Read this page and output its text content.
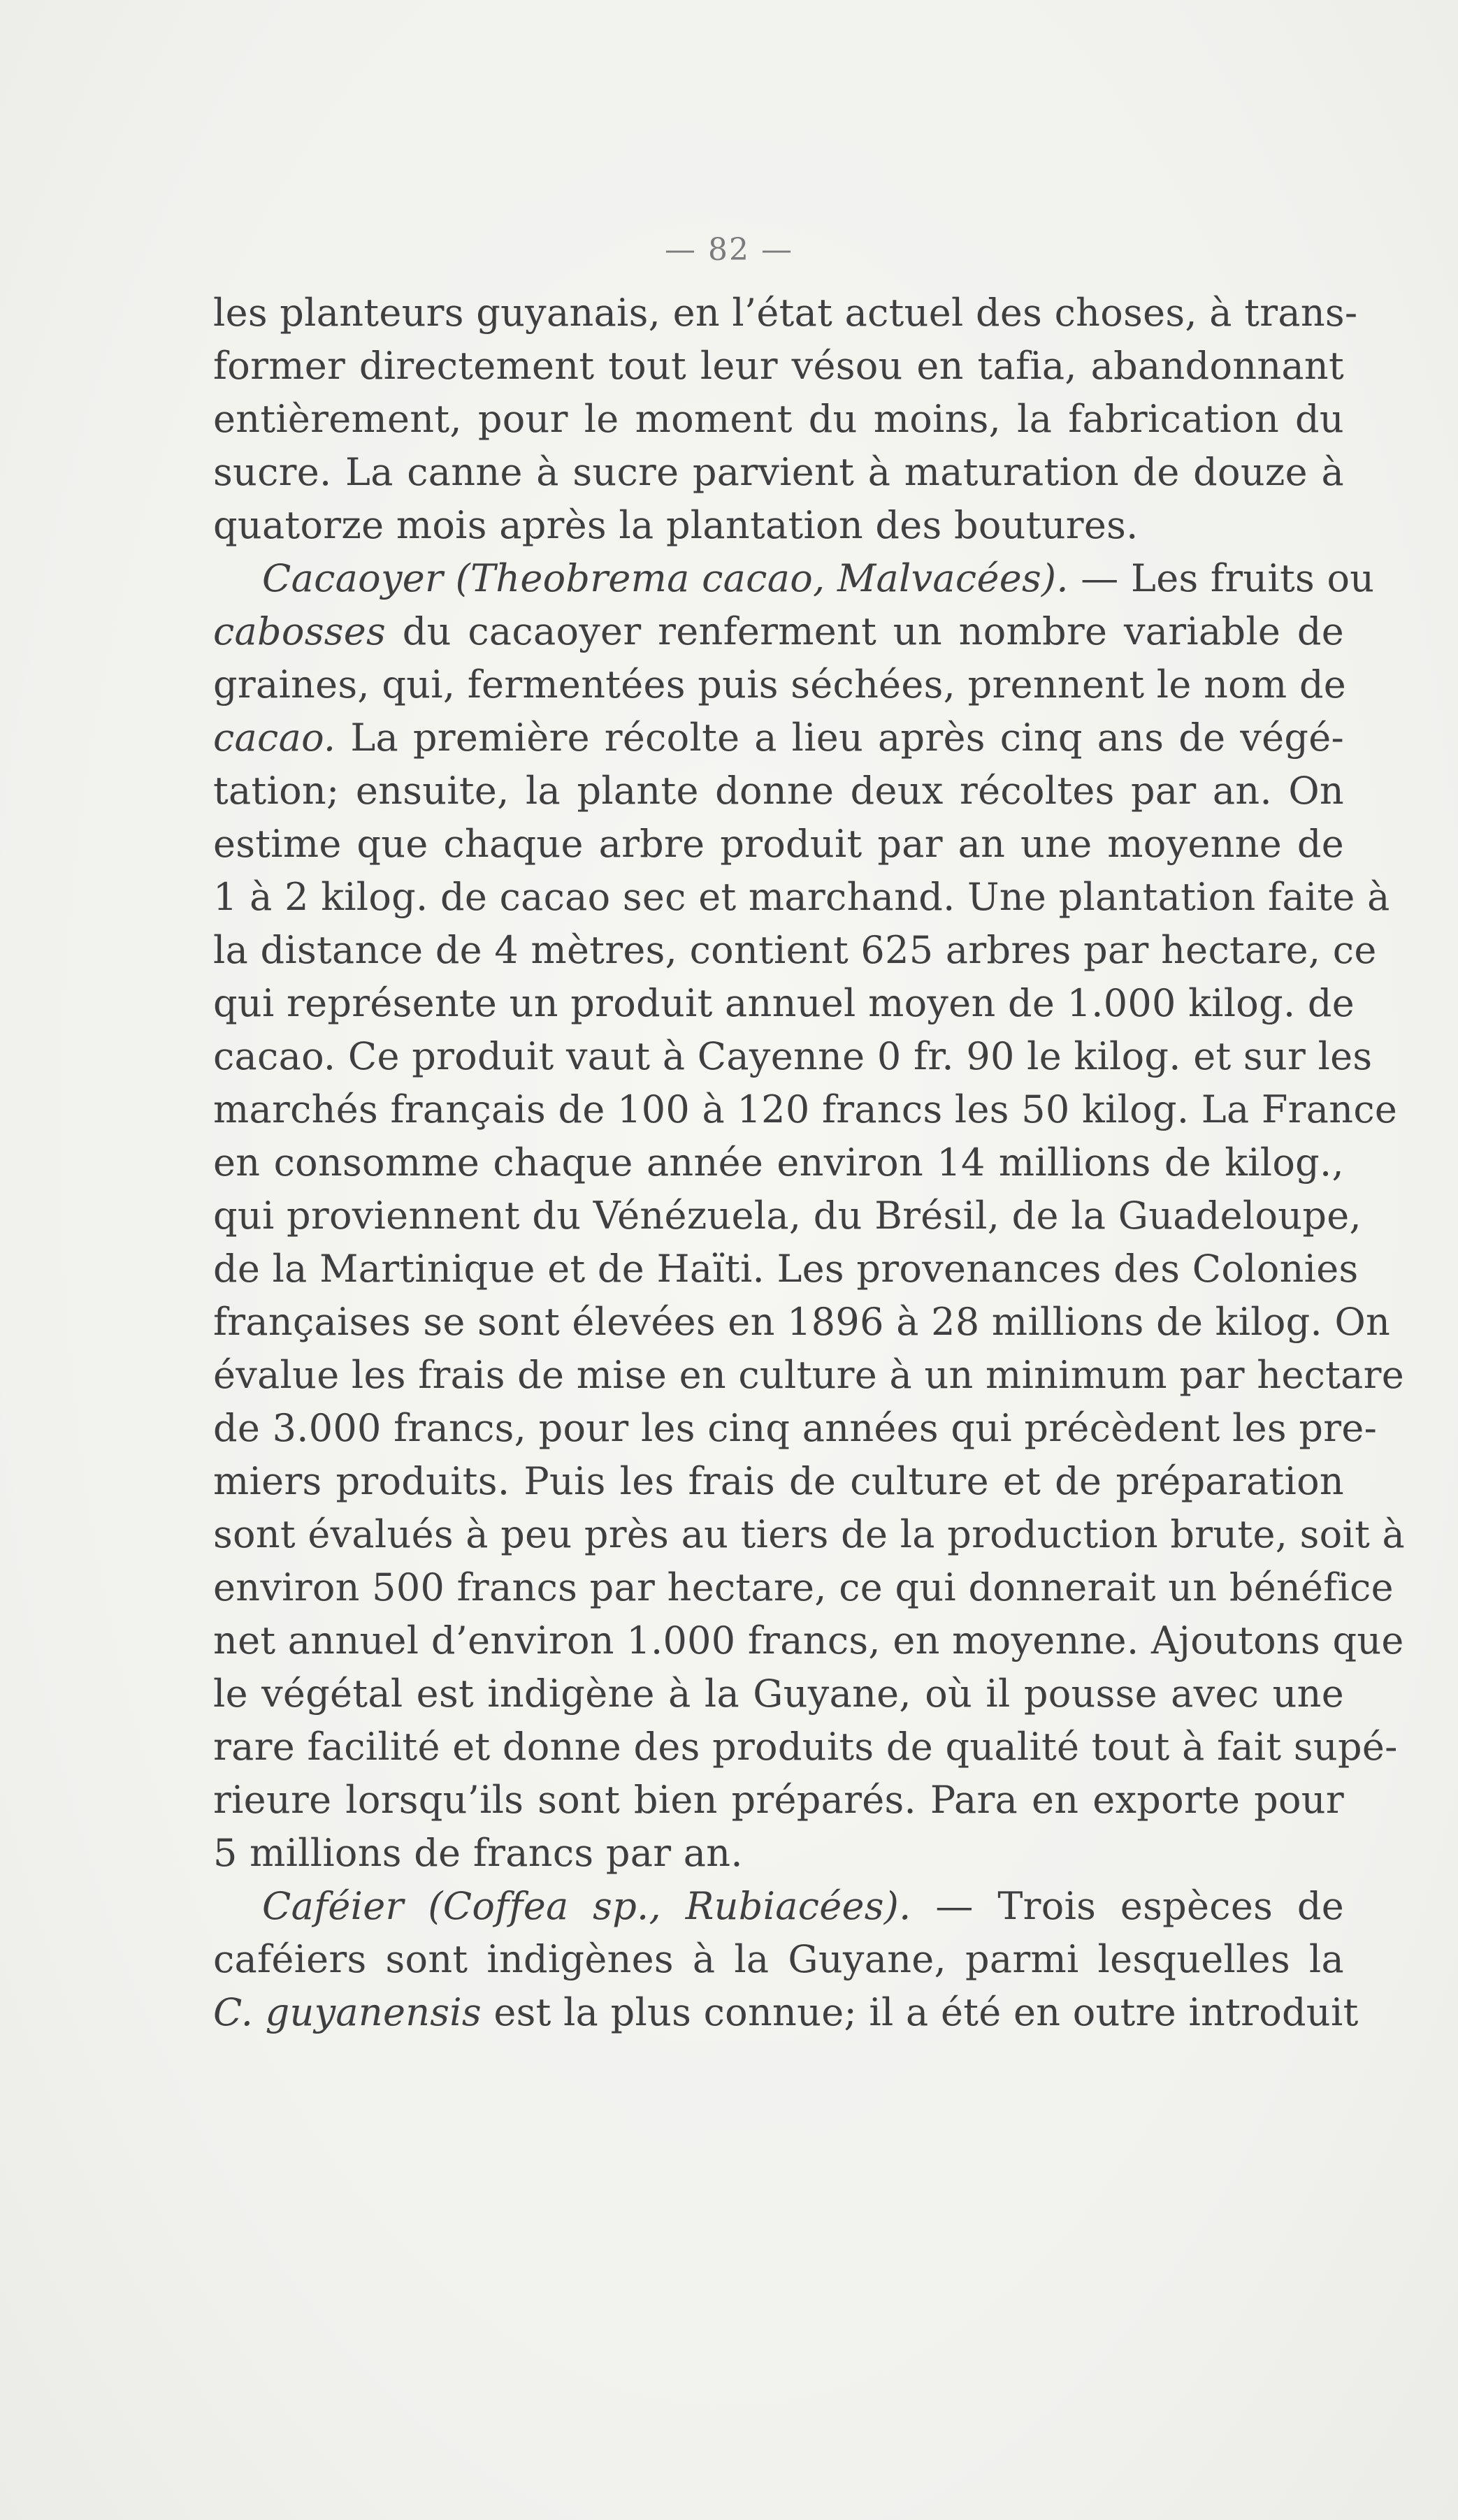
— 82 —
les planteurs guyanais, en l’état actuel des choses, à trans-
former directement tout leur vésou en tafia, abandonnant
entièrement, pour le moment du moins, la fabrication du
sucre. La canne à sucre parvient à maturation de douze à
quatorze mois après la plantation des boutures.
Cacaoyer (Theobrema cacao, Malvacées). — Les fruits ou
cabosses du cacaoyer renferment un nombre variable de
graines, qui, fermentées puis séchées, prennent le nom de
cacao. La première récolte a lieu après cinq ans de végé-
tation; ensuite, la plante donne deux récoltes par an. On
estime que chaque arbre produit par an une moyenne de
1 à 2 kilog. de cacao sec et marchand. Une plantation faite à
la distance de 4 mètres, contient 625 arbres par hectare, ce
qui représente un produit annuel moyen de 1.000 kilog. de
cacao. Ce produit vaut à Cayenne 0 fr. 90 le kilog. et sur les
marchés français de 100 à 120 francs les 50 kilog. La France
en consomme chaque année environ 14 millions de kilog.,
qui proviennent du Vénézuela, du Brésil, de la Guadeloupe,
de la Martinique et de Haïti. Les provenances des Colonies
françaises se sont élevées en 1896 à 28 millions de kilog. On
évalue les frais de mise en culture à un minimum par hectare
de 3.000 francs, pour les cinq années qui précèdent les pre-
miers produits. Puis les frais de culture et de préparation
sont évalués à peu près au tiers de la production brute, soit à
environ 500 francs par hectare, ce qui donnerait un bénéfice
net annuel d’environ 1.000 francs, en moyenne. Ajoutons que
le végétal est indigène à la Guyane, où il pousse avec une
rare facilité et donne des produits de qualité tout à fait supé-
rieure lorsqu’ils sont bien préparés. Para en exporte pour
5 millions de francs par an.
Caféier (Coffea sp., Rubiacées). — Trois espèces de
caféiers sont indigènes à la Guyane, parmi lesquelles la
C. guyanensis est la plus connue; il a été en outre introduit
